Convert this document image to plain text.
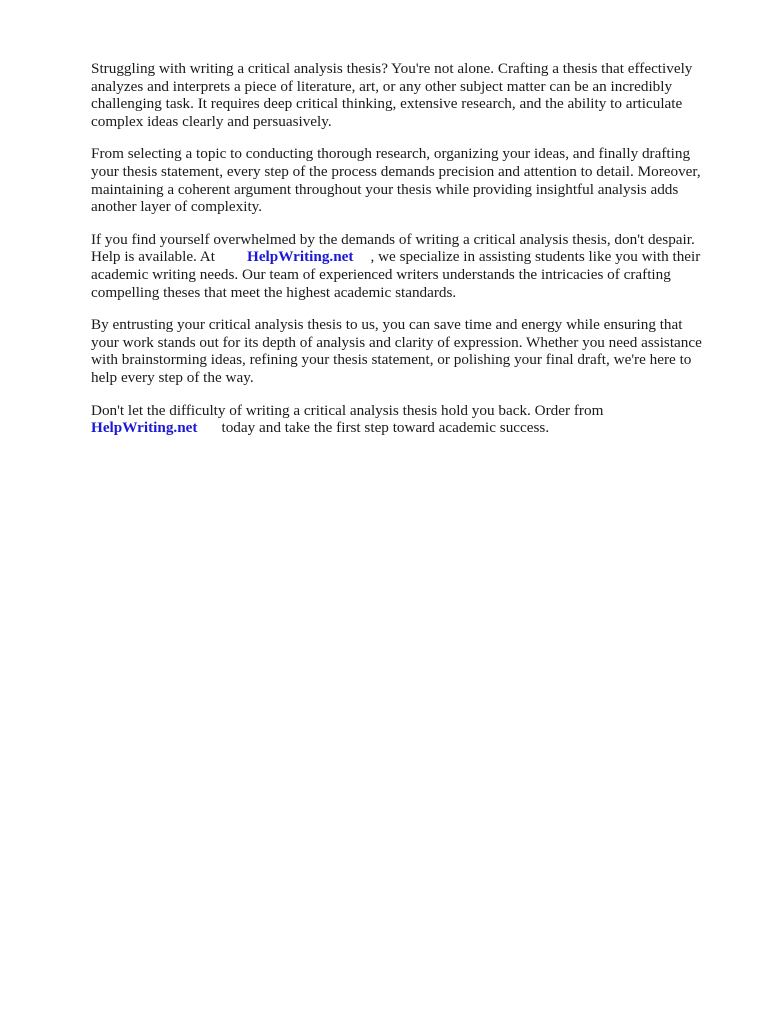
Struggling with writing a critical analysis thesis? You're not alone. Crafting a thesis that effectively
analyzes and interprets a piece of literature, art, or any other subject matter can be an incredibly
challenging task. It requires deep critical thinking, extensive research, and the ability to articulate
complex ideas clearly and persuasively.

From selecting a topic to conducting thorough research, organizing your ideas, and finally drafting
your thesis statement, every step of the process demands precision and attention to detail. Moreover,
maintaining a coherent argument throughout your thesis while providing insightful analysis adds
another layer of complexity.

If you find yourself overwhelmed by the demands of writing a critical analysis thesis, don't despair.
Help is available. At HelpWriting.net , we specialize in assisting students like you with their
academic writing needs. Our team of experienced writers understands the intricacies of crafting
compelling theses that meet the highest academic standards.

By entrusting your critical analysis thesis to us, you can save time and energy while ensuring that
your work stands out for its depth of analysis and clarity of expression. Whether you need assistance
with brainstorming ideas, refining your thesis statement, or polishing your final draft, we're here to
help every step of the way.

Don't let the difficulty of writing a critical analysis thesis hold you back. Order from
HelpWriting.net today and take the first step toward academic success.
